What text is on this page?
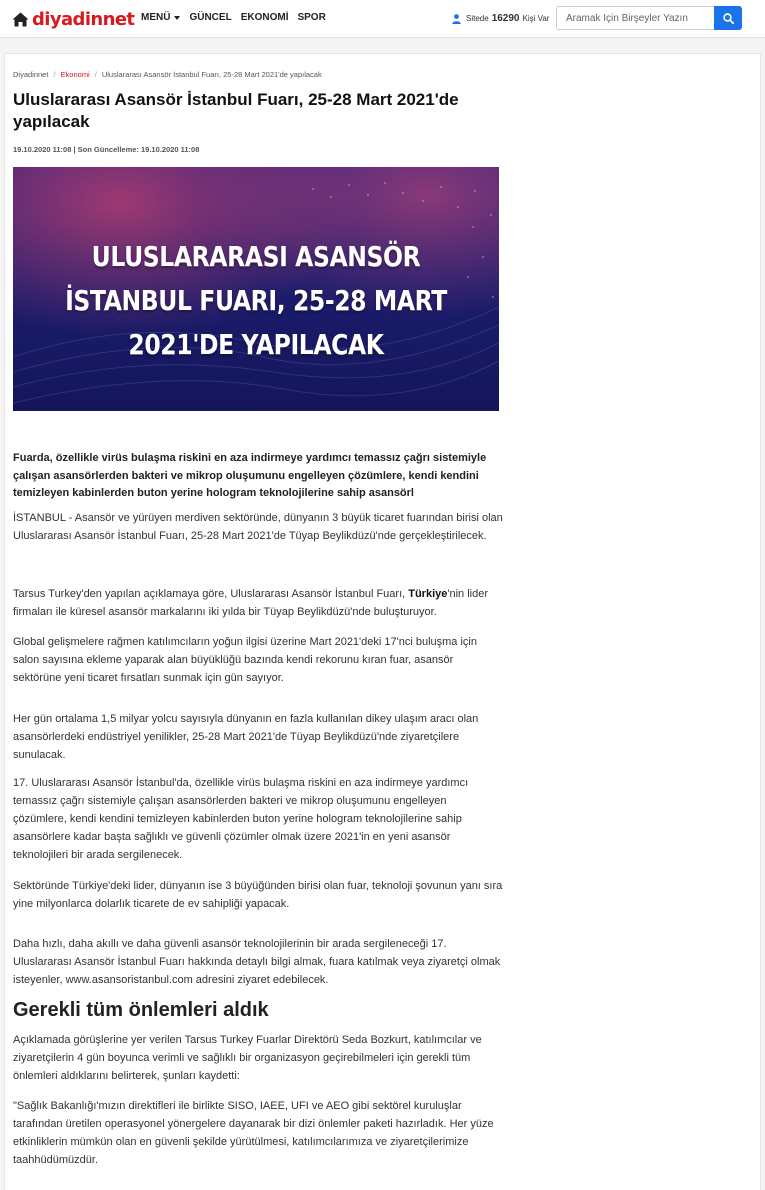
diyadinnet MENÜ GÜNCEL EKONOMİ SPOR	Sitede 16290 Kişi Var
Aramak İçin Birşeyler Yazın
Diyadinnet / Ekonomi / Uluslararası Asansör İstanbul Fuarı, 25-28 Mart 2021'de yapılacak
Uluslararası Asansör İstanbul Fuarı, 25-28 Mart 2021'de yapılacak
19.10.2020 11:08 | Son Güncelleme: 19.10.2020 11:08
ULUSLARARASI ASANSÖR
İSTANBUL FUARI, 25-28 MART
2021'DE YAPILACAK

Fuarda, özellikle virüs bulaşma riskini en aza indirmeye yardımcı temassız çağrı sistemiyle çalışan asansörlerden bakteri ve mikrop oluşumunu engelleyen çözümlere, kendi kendini temizleyen kabinlerden buton yerine hologram teknolojilerine sahip asansörl

İSTANBUL - Asansör ve yürüyen merdiven sektöründe, dünyanın 3 büyük ticaret fuarından birisi olan Uluslararası Asansör İstanbul Fuarı, 25-28 Mart 2021'de Tüyap Beylikdüzü'nde gerçekleştirilecek.

Tarsus Turkey'den yapılan açıklamaya göre, Uluslararası Asansör İstanbul Fuarı, Türkiye'nin lider firmaları ile küresel asansör markalarını iki yılda bir Tüyap Beylikdüzü'nde buluşturuyor.

Global gelişmelere rağmen katılımcıların yoğun ilgisi üzerine Mart 2021'deki 17'nci buluşma için salon sayısına ekleme yaparak alan büyüklüğü bazında kendi rekorunu kıran fuar, asansör sektörüne yeni ticaret fırsatları sunmak için gün sayıyor.

Her gün ortalama 1,5 milyar yolcu sayısıyla dünyanın en fazla kullanılan dikey ulaşım aracı olan asansörlerdeki endüstriyel yenilikler, 25-28 Mart 2021'de Tüyap Beylikdüzü'nde ziyaretçilere sunulacak.

17. Uluslararası Asansör İstanbul'da, özellikle virüs bulaşma riskini en aza indirmeye yardımcı temassız çağrı sistemiyle çalışan asansörlerden bakteri ve mikrop oluşumunu engelleyen çözümlere, kendi kendini temizleyen kabinlerden buton yerine hologram teknolojilerine sahip asansörlere kadar başta sağlıklı ve güvenli çözümler olmak üzere 2021'in en yeni asansör teknolojileri bir arada sergilenecek.

Sektöründe Türkiye'deki lider, dünyanın ise 3 büyüğünden birisi olan fuar, teknoloji şovunun yanı sıra yine milyonlarca dolarlık ticarete de ev sahipliği yapacak.

Daha hızlı, daha akıllı ve daha güvenli asansör teknolojilerinin bir arada sergileneceği 17. Uluslararası Asansör İstanbul Fuarı hakkında detaylı bilgi almak, fuara katılmak veya ziyaretçi olmak isteyenler, www.asansoristanbul.com adresini ziyaret edebilecek.

Gerekli tüm önlemleri aldık

Açıklamada görüşlerine yer verilen Tarsus Turkey Fuarlar Direktörü Seda Bozkurt, katılımcılar ve ziyaretçilerin 4 gün boyunca verimli ve sağlıklı bir organizasyon geçirebilmeleri için gerekli tüm önlemleri aldıklarını belirterek, şunları kaydetti:

"Sağlık Bakanlığı'mızın direktifleri ile birlikte SISO, IAEE, UFI ve AEO gibi sektörel kuruluşlar tarafından üretilen operasyonel yönergelere dayanarak bir dizi önlemler paketi hazırladık. Her yüze etkinliklerin mümkün olan en güvenli şekilde yürütülmesi, katılımcılarımıza ve ziyaretçilerimize taahhüdümüzdür.
